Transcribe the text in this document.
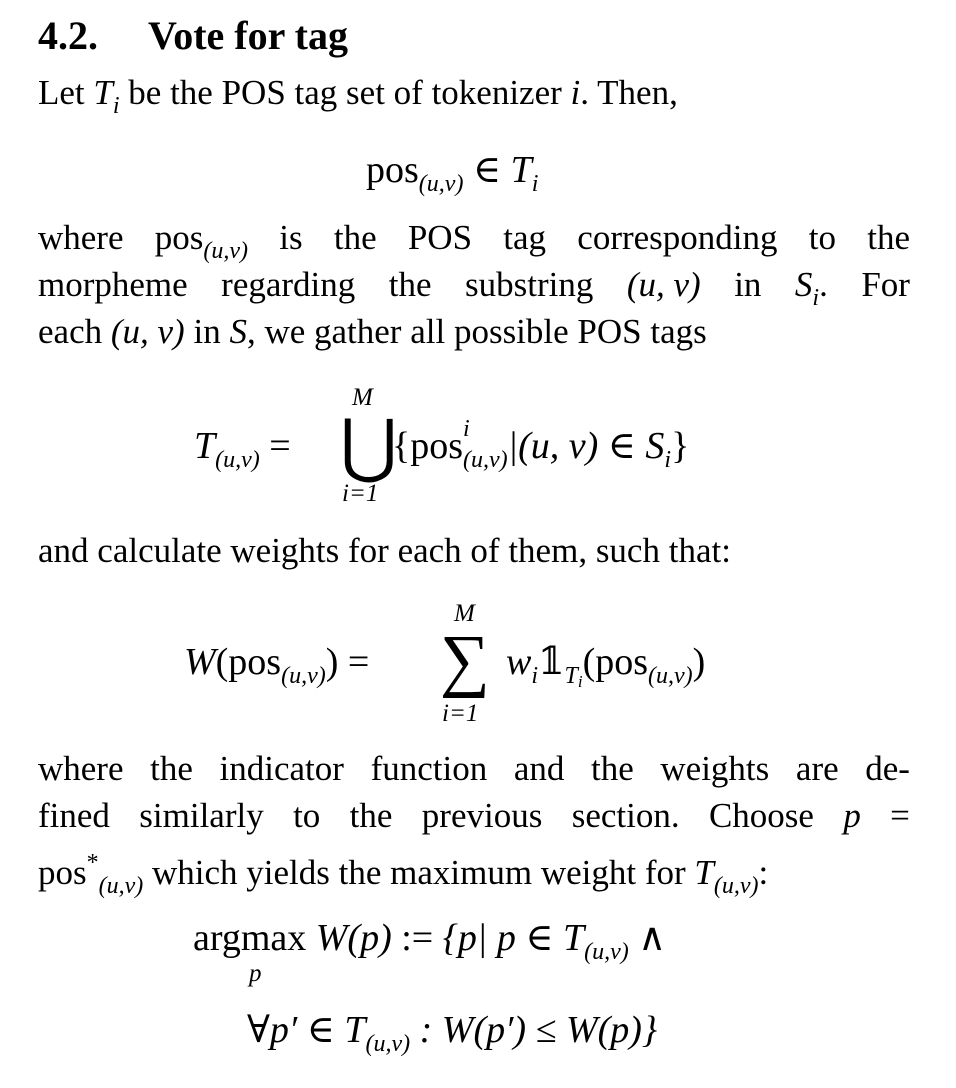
4.2. Vote for tag
Let $T_i$ be the POS tag set of tokenizer i. Then,
pos$_{(u,v)}$ ∈ $T_i$
where pos$_{(u,v)}$ is the POS tag corresponding to the
morpheme regarding the substring (u, v) in $S_i$. For
each (u, v) in S, we gather all possible POS tags
$T_{(u,v)}$ =
M
⋃
i=1
{pos i
$_{(u,v)}$|(u, v) ∈ $S_i$}
and calculate weights for each of them, such that:
W(pos$_{(u,v)}$) =
M
∑
i=1
$w_i𝟙_{Ti}(pos_{(u,v)})$
where the indicator function and the weights are de-
fined similarly to the previous section. Choose p =
pos*$_{(u,v)}$ which yields the maximum weight for $T_{(u,v)}$:
argmax W(p) := {p| p ∈ $T_{(u,v)}$ ∧
p
∀p′ ∈ $T_{(u,v)}$ : W(p′) ≤ W(p)}
